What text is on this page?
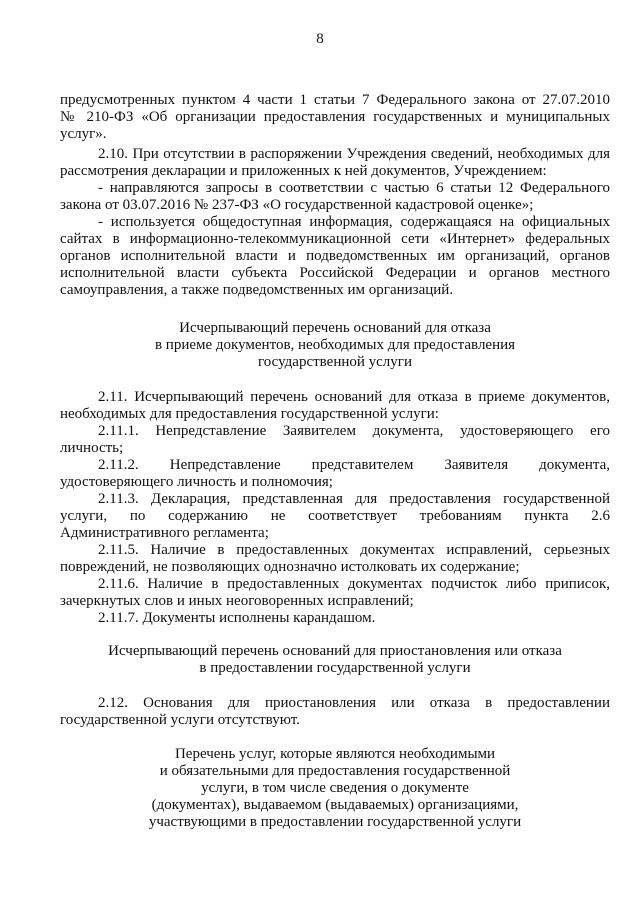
8
предусмотренных пунктом 4 части 1 статьи 7 Федерального закона от 27.07.2010
№ 210-ФЗ «Об организации предоставления государственных и муниципальных
услуг».
2.10. При отсутствии в распоряжении Учреждения сведений, необходимых для
рассмотрения декларации и приложенных к ней документов, Учреждением:
- направляются запросы в соответствии с частью 6 статьи 12 Федерального
закона от 03.07.2016 № 237-ФЗ «О государственной кадастровой оценке»;
- используется общедоступная информация, содержащаяся на официальных
сайтах в информационно-телекоммуникационной сети «Интернет» федеральных
органов исполнительной власти и подведомственных им организаций, органов
исполнительной власти субъекта Российской Федерации и органов местного
самоуправления, а также подведомственных им организаций.
Исчерпывающий перечень оснований для отказа
в приеме документов, необходимых для предоставления
государственной услуги
2.11. Исчерпывающий перечень оснований для отказа в приеме документов,
необходимых для предоставления государственной услуги:
2.11.1. Непредставление Заявителем документа, удостоверяющего его
личность;
2.11.2. Непредставление представителем Заявителя документа,
удостоверяющего личность и полномочия;
2.11.3. Декларация, представленная для предоставления государственной
услуги, по содержанию не соответствует требованиям пункта 2.6
Административного регламента;
2.11.5. Наличие в предоставленных документах исправлений, серьезных
повреждений, не позволяющих однозначно истолковать их содержание;
2.11.6. Наличие в предоставленных документах подчисток либо приписок,
зачеркнутых слов и иных неоговоренных исправлений;
2.11.7. Документы исполнены карандашом.
Исчерпывающий перечень оснований для приостановления или отказа
в предоставлении государственной услуги
2.12. Основания для приостановления или отказа в предоставлении
государственной услуги отсутствуют.
Перечень услуг, которые являются необходимыми
и обязательными для предоставления государственной
услуги, в том числе сведения о документе
(документах), выдаваемом (выдаваемых) организациями,
участвующими в предоставлении государственной услуги
